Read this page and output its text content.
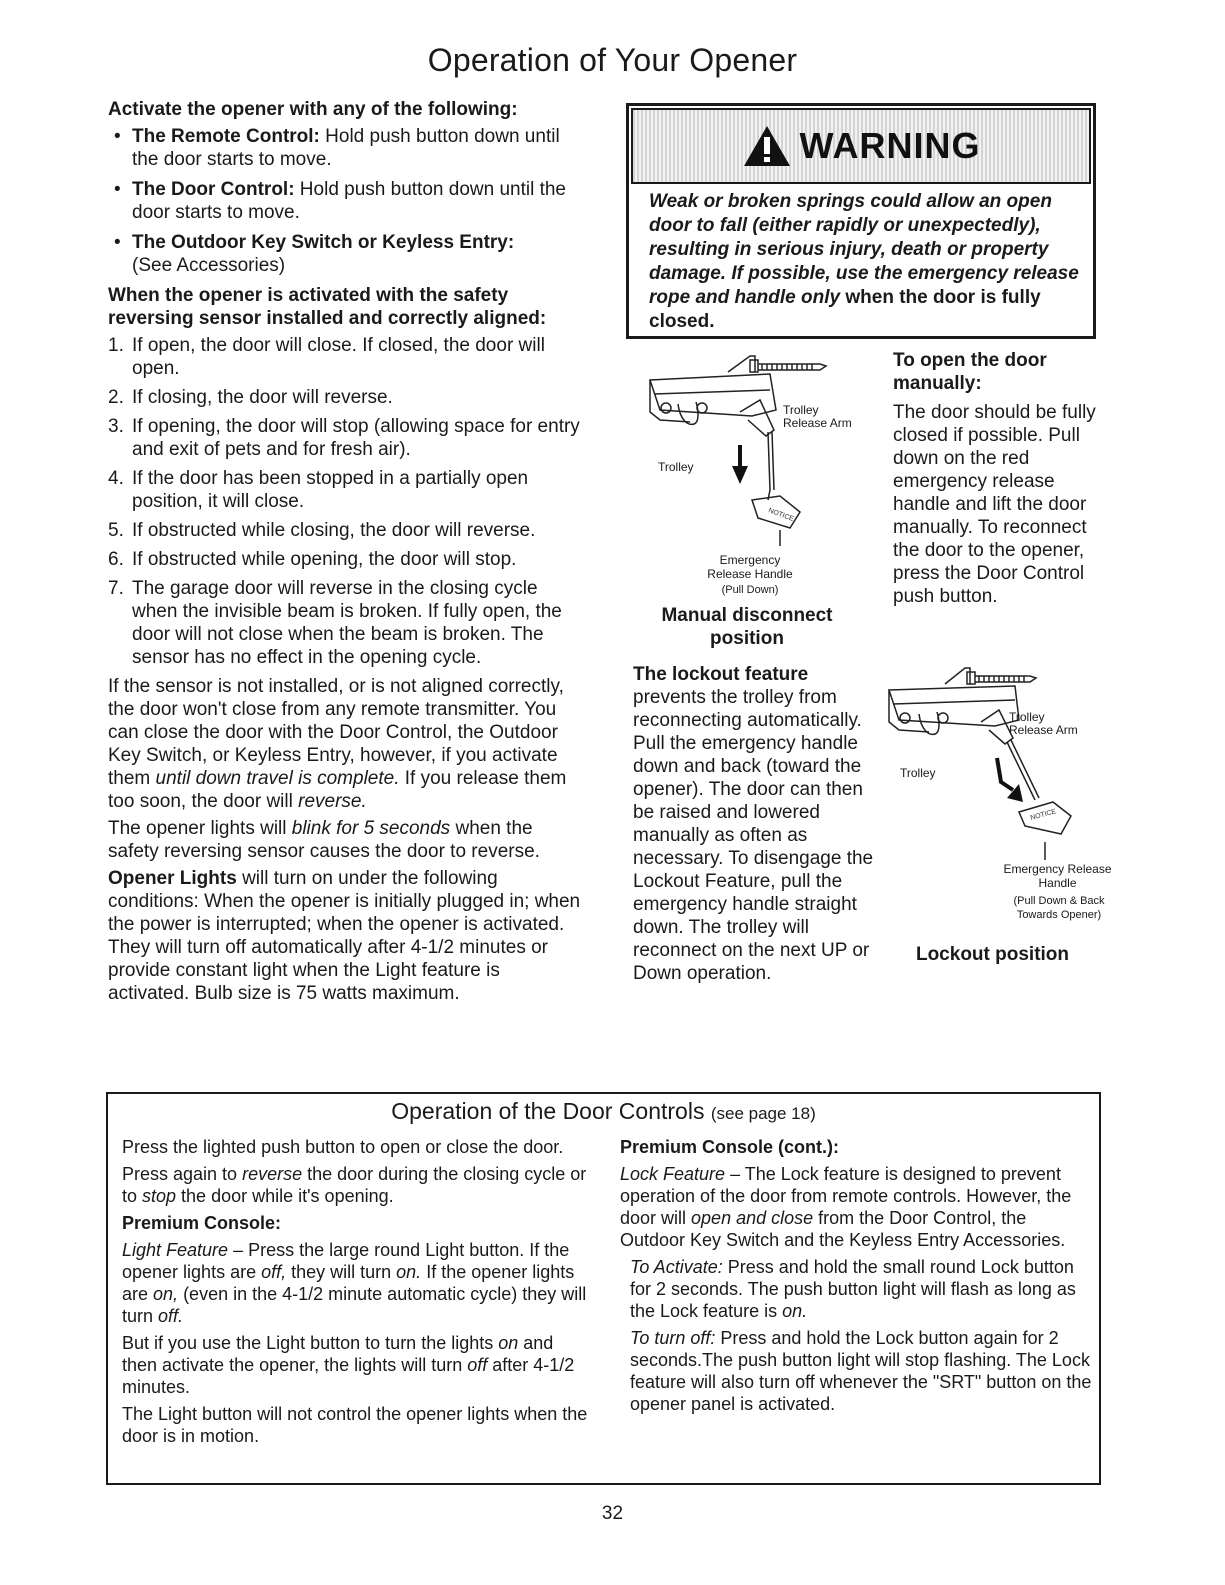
Operation of Your Opener

Activate the opener with any of the following:

• The Remote Control: Hold push button down until the door starts to move.
• The Door Control: Hold push button down until the door starts to move.
• The Outdoor Key Switch or Keyless Entry:
(See Accessories)

When the opener is activated with the safety reversing sensor installed and correctly aligned:

1. If open, the door will close. If closed, the door will open.
2. If closing, the door will reverse.
3. If opening, the door will stop (allowing space for entry and exit of pets and for fresh air).
4. If the door has been stopped in a partially open position, it will close.
5. If obstructed while closing, the door will reverse.
6. If obstructed while opening, the door will stop.
7. The garage door will reverse in the closing cycle when the invisible beam is broken. If fully open, the door will not close when the beam is broken. The sensor has no effect in the opening cycle.

If the sensor is not installed, or is not aligned correctly, the door won't close from any remote transmitter. You can close the door with the Door Control, the Outdoor Key Switch, or Keyless Entry, however, if you activate them until down travel is complete. If you release them too soon, the door will reverse.

The opener lights will blink for 5 seconds when the safety reversing sensor causes the door to reverse.

Opener Lights will turn on under the following conditions: When the opener is initially plugged in; when the power is interrupted; when the opener is activated. They will turn off automatically after 4-1/2 minutes or provide constant light when the Light feature is activated. Bulb size is 75 watts maximum.

WARNING
Weak or broken springs could allow an open door to fall (either rapidly or unexpectedly), resulting in serious injury, death or property damage. If possible, use the emergency release rope and handle only when the door is fully closed.
NOTICE
Trolley Release Arm
Trolley
Emergency Release Handle
(Pull Down)
Manual disconnect position
To open the door manually:
The door should be fully closed if possible. Pull down on the red emergency release handle and lift the door manually. To reconnect the door to the opener, press the Door Control push button.
The lockout feature
prevents the trolley from reconnecting automatically. Pull the emergency handle down and back (toward the opener). The door can then be raised and lowered manually as often as necessary. To disengage the Lockout Feature, pull the emergency handle straight down. The trolley will reconnect on the next UP or Down operation.
NOTICE
Trolley Release Arm
Trolley
Emergency Release Handle
(Pull Down & Back Towards Opener)
Lockout position
Operation of the Door Controls (see page 18)

Press the lighted push button to open or close the door.

Press again to reverse the door during the closing cycle or to stop the door while it's opening.

Premium Console:

Light Feature – Press the large round Light button. If the opener lights are off, they will turn on. If the opener lights are on, (even in the 4-1/2 minute automatic cycle) they will turn off.

But if you use the Light button to turn the lights on and then activate the opener, the lights will turn off after 4-1/2 minutes.

The Light button will not control the opener lights when the door is in motion.

Premium Console (cont.):

Lock Feature – The Lock feature is designed to prevent operation of the door from remote controls. However, the door will open and close from the Door Control, the Outdoor Key Switch and the Keyless Entry Accessories.

To Activate: Press and hold the small round Lock button for 2 seconds. The push button light will flash as long as the Lock feature is on.

To turn off: Press and hold the Lock button again for 2 seconds.The push button light will stop flashing. The Lock feature will also turn off whenever the "SRT" button on the opener panel is activated.

32
